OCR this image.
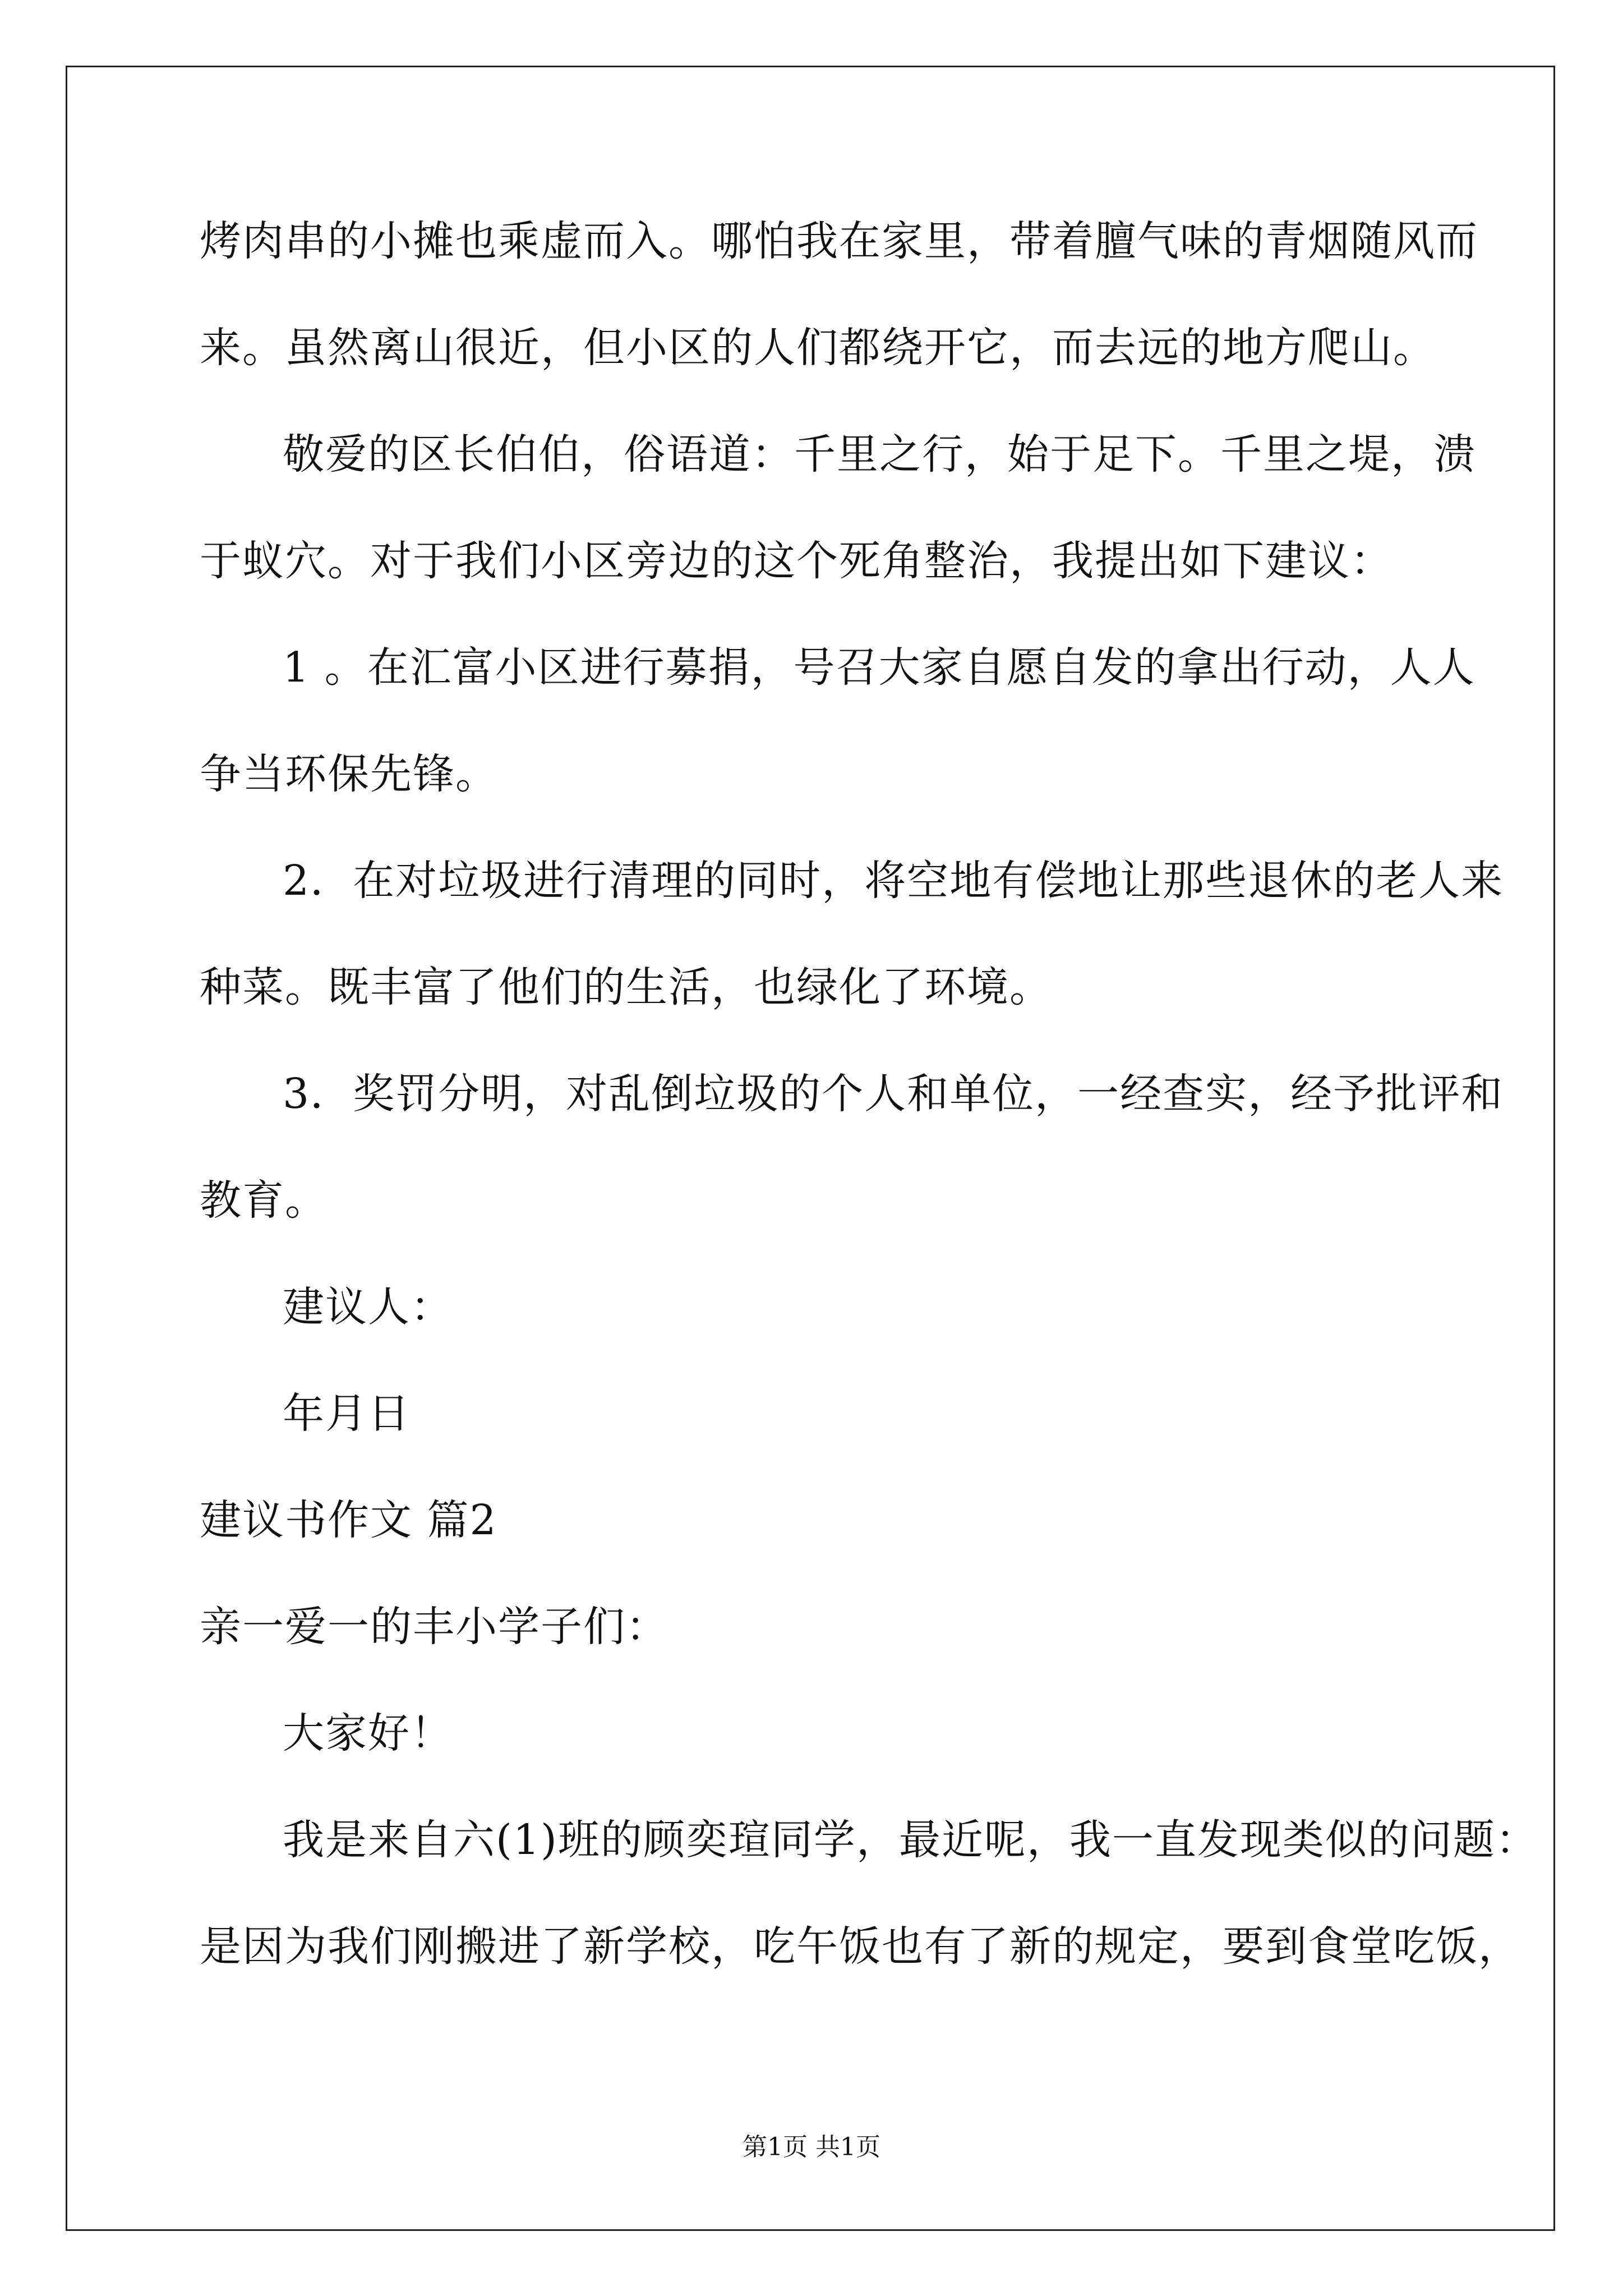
烤肉串的小摊也乘虚而入。哪怕我在家里，带着膻气味的青烟随风而
来。虽然离山很近，但小区的人们都绕开它，而去远的地方爬山。
敬爱的区长伯伯，俗语道：千里之行，始于足下。千里之堤，溃
于蚁穴。对于我们小区旁边的这个死角整治，我提出如下建议：
1 。在汇富小区进行募捐，号召大家自愿自发的拿出行动，人人
争当环保先锋。
2．在对垃圾进行清理的同时，将空地有偿地让那些退休的老人来
种菜。既丰富了他们的生活，也绿化了环境。
3．奖罚分明，对乱倒垃圾的个人和单位，一经查实，经予批评和
教育。
建议人：
年月日
建议书作文 篇2
亲一爱一的丰小学子们：
大家好！
我是来自六(1)班的顾奕瑄同学，最近呢，我一直发现类似的问题：
是因为我们刚搬进了新学校，吃午饭也有了新的规定，要到食堂吃饭，
第1页 共1页
